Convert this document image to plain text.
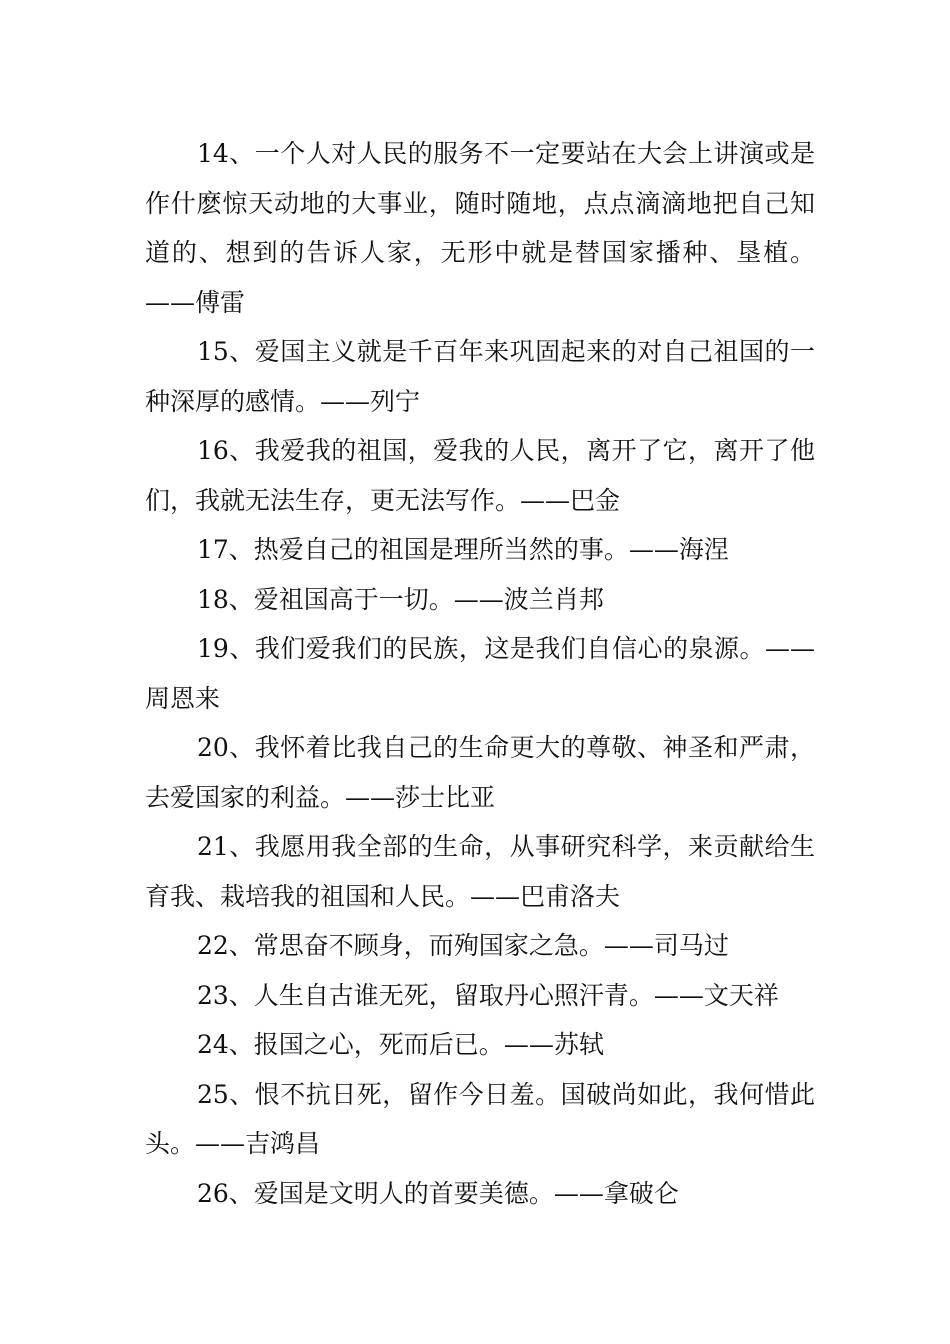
14、一个人对人民的服务不一定要站在大会上讲演或是作什麽惊天动地的大事业，随时随地，点点滴滴地把自己知道的、想到的告诉人家，无形中就是替国家播种、垦植。——傅雷

15、爱国主义就是千百年来巩固起来的对自己祖国的一种深厚的感情。——列宁

16、我爱我的祖国，爱我的人民，离开了它，离开了他们，我就无法生存，更无法写作。——巴金

17、热爱自己的祖国是理所当然的事。——海涅

18、爱祖国高于一切。——波兰肖邦

19、我们爱我们的民族，这是我们自信心的泉源。——周恩来

20、我怀着比我自己的生命更大的尊敬、神圣和严肃，去爱国家的利益。——莎士比亚

21、我愿用我全部的生命，从事研究科学，来贡献给生育我、栽培我的祖国和人民。——巴甫洛夫

22、常思奋不顾身，而殉国家之急。——司马过

23、人生自古谁无死，留取丹心照汗青。——文天祥

24、报国之心，死而后已。——苏轼

25、恨不抗日死，留作今日羞。国破尚如此，我何惜此头。——吉鸿昌

26、爱国是文明人的首要美德。——拿破仑
